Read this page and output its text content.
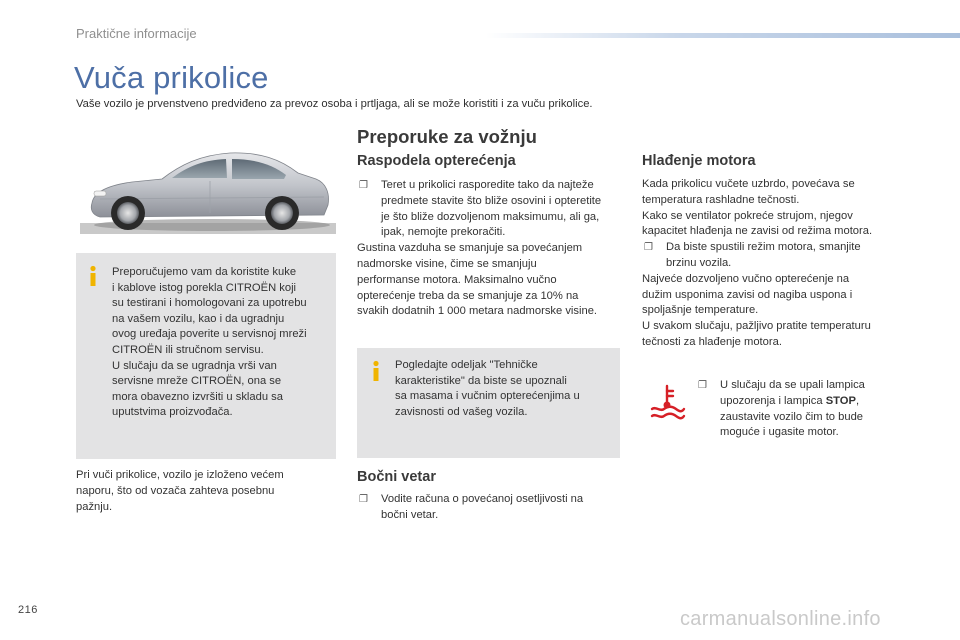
Praktične informacije
Vuča prikolice
Vaše vozilo je prvenstveno predviđeno za prevoz osoba i prtljaga, ali se može koristiti i za vuču prikolice.
Preporučujemo vam da koristite kuke
i kablove istog porekla CITROËN koji
su testirani i homologovani za upotrebu
na vašem vozilu, kao i da ugradnju
ovog uređaja poverite u servisnoj mreži
CITROËN ili stručnom servisu.
U slučaju da se ugradnja vrši van
servisne mreže CITROËN, ona se
mora obavezno izvršiti u skladu sa
uputstvima proizvođača.
Pri vuči prikolice, vozilo je izloženo većem
naporu, što od vozača zahteva posebnu
pažnju.
Preporuke za vožnju
Raspodela opterećenja
❐ Teret u prikolici rasporedite tako da najteže
predmete stavite što bliže osovini i opteretite
je što bliže dozvoljenom maksimumu, ali ga,
ipak, nemojte prekoračiti.
Gustina vazduha se smanjuje sa povećanjem
nadmorske visine, čime se smanjuju
performanse motora. Maksimalno vučno
opterećenje treba da se smanjuje za 10% na
svakih dodatnih 1 000 metara nadmorske visine.
Pogledajte odeljak "Tehničke
karakteristike" da biste se upoznali
sa masama i vučnim opterećenjima u
zavisnosti od vašeg vozila.
Bočni vetar
❐ Vodite računa o povećanoj osetljivosti na
bočni vetar.
Hlađenje motora
Kada prikolicu vučete uzbrdo, povećava se
temperatura rashladne tečnosti.
Kako se ventilator pokreće strujom, njegov
kapacitet hlađenja ne zavisi od režima motora.
❐ Da biste spustili režim motora, smanjite
brzinu vozila.
Najveće dozvoljeno vučno opterećenje na
dužim usponima zavisi od nagiba uspona i
spoljašnje temperature.
U svakom slučaju, pažljivo pratite temperaturu
tečnosti za hlađenje motora.
❐ U slučaju da se upali lampica
upozorenja i lampica STOP,
zaustavite vozilo čim to bude
moguće i ugasite motor.
216	carmanualsonline.info
